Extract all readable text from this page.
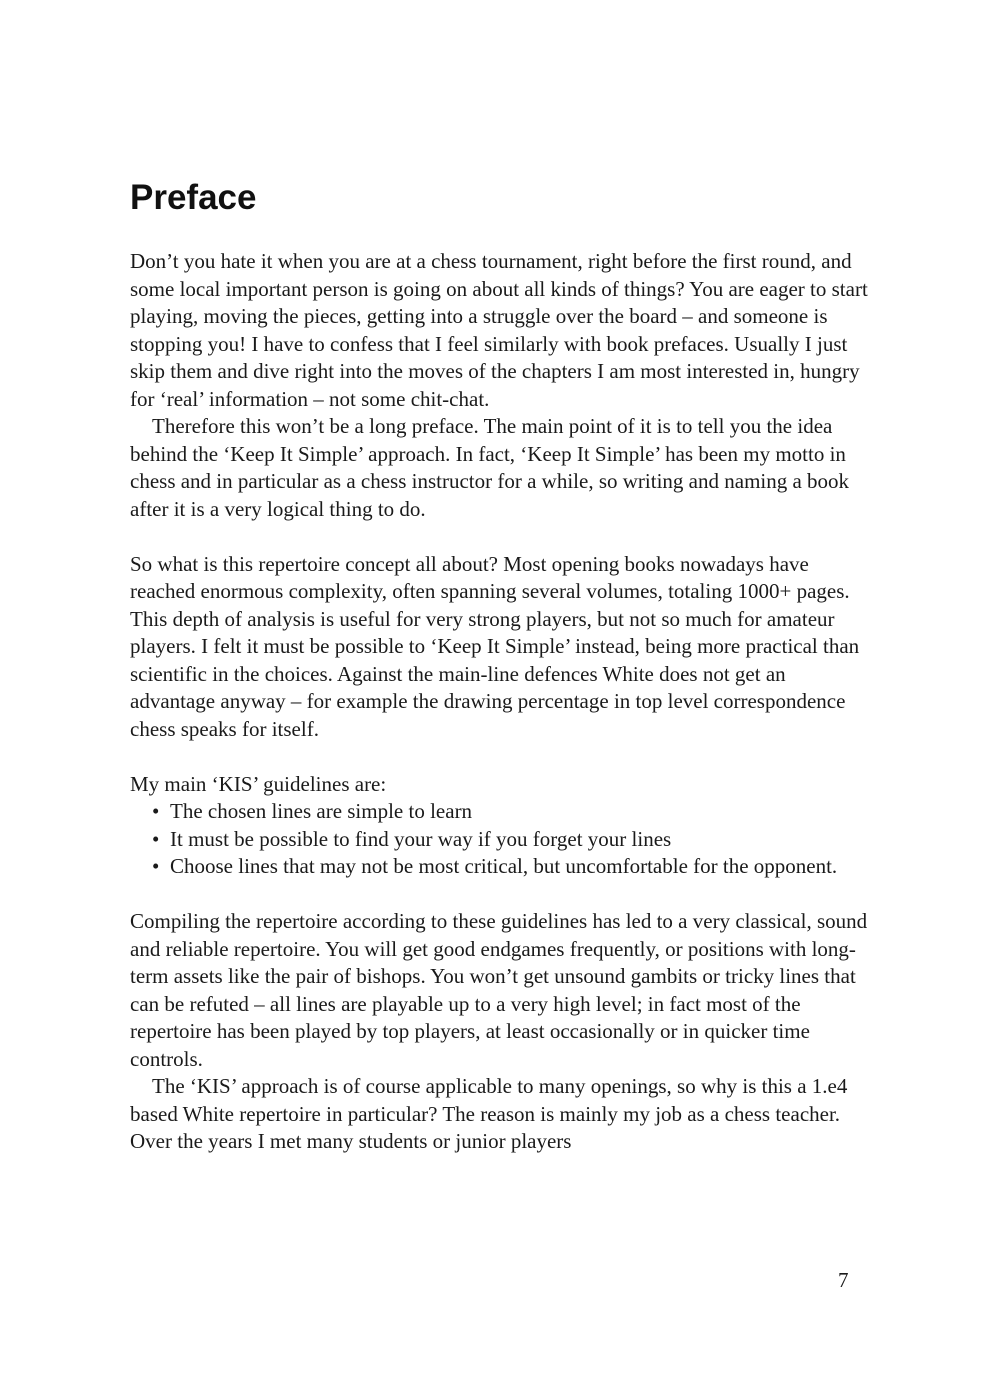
Preface

Don’t you hate it when you are at a chess tournament, right before the first round, and some local important person is going on about all kinds of things? You are eager to start playing, moving the pieces, getting into a struggle over the board – and someone is stopping you! I have to confess that I feel similarly with book prefaces. Usually I just skip them and dive right into the moves of the chapters I am most interested in, hungry for ‘real’ information – not some chit-chat.

Therefore this won’t be a long preface. The main point of it is to tell you the idea behind the ‘Keep It Simple’ approach. In fact, ‘Keep It Simple’ has been my motto in chess and in particular as a chess instructor for a while, so writing and naming a book after it is a very logical thing to do.

So what is this repertoire concept all about? Most opening books nowadays have reached enormous complexity, often spanning several volumes, totaling 1000+ pages. This depth of analysis is useful for very strong players, but not so much for amateur players. I felt it must be possible to ‘Keep It Simple’ instead, being more practical than scientific in the choices. Against the main-line defences White does not get an advantage anyway – for example the drawing percentage in top level correspondence chess speaks for itself.

My main ‘KIS’ guidelines are:

• The chosen lines are simple to learn
• It must be possible to find your way if you forget your lines
• Choose lines that may not be most critical, but uncomfortable for the opponent.

Compiling the repertoire according to these guidelines has led to a very classical, sound and reliable repertoire. You will get good endgames frequently, or positions with long-term assets like the pair of bishops. You won’t get unsound gambits or tricky lines that can be refuted – all lines are playable up to a very high level; in fact most of the repertoire has been played by top players, at least occasionally or in quicker time controls.

The ‘KIS’ approach is of course applicable to many openings, so why is this a 1.e4 based White repertoire in particular? The reason is mainly my job as a chess teacher. Over the years I met many students or junior players

7
